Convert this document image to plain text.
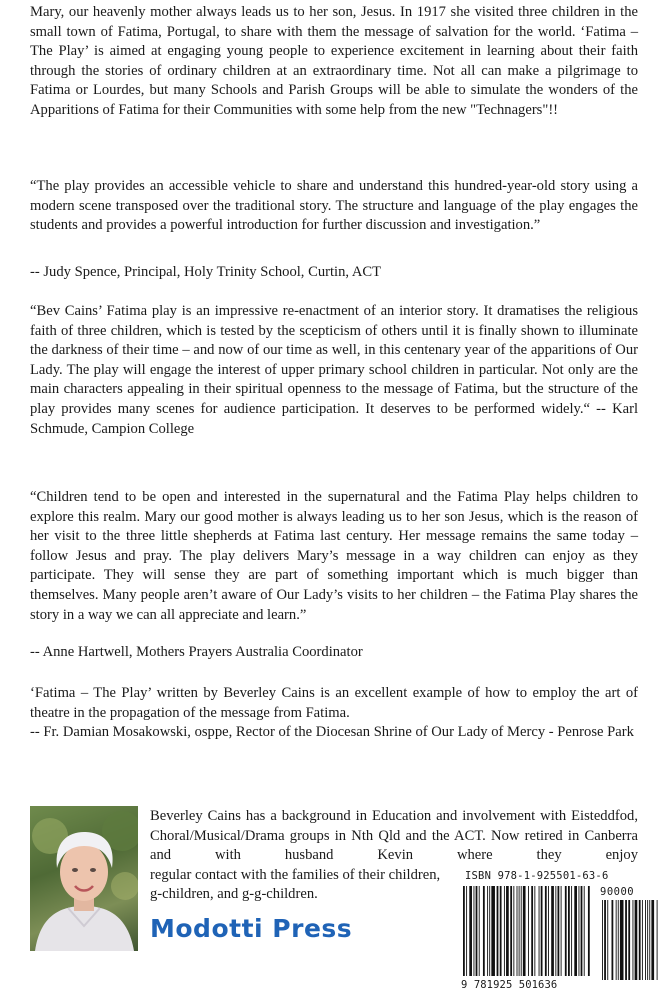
Mary, our heavenly mother always leads us to her son, Jesus. In 1917 she visited three children in the small town of Fatima, Portugal, to share with them the message of salvation for the world. ‘Fatima – The Play’ is aimed at engaging young people to experience excitement in learning about their faith through the stories of ordinary children at an extraordinary time. Not all can make a pilgrimage to Fatima or Lourdes, but many Schools and Parish Groups will be able to simulate the wonders of the Apparitions of Fatima for their Communities with some help from the new "Technagers"!!

“The play provides an accessible vehicle to share and understand this hundred-year-old story using a modern scene transposed over the traditional story. The structure and language of the play engages the students and provides a powerful introduction for further discussion and investigation.”

-- Judy Spence, Principal, Holy Trinity School, Curtin, ACT

“Bev Cains’ Fatima play is an impressive re-enactment of an interior story. It dramatises the religious faith of three children, which is tested by the scepticism of others until it is finally shown to illuminate the darkness of their time – and now of our time as well, in this centenary year of the apparitions of Our Lady. The play will engage the interest of upper primary school children in particular. Not only are the main characters appealing in their spiritual openness to the message of Fatima, but the structure of the play provides many scenes for audience participation. It deserves to be performed widely.“ -- Karl Schmude, Campion College

“Children tend to be open and interested in the supernatural and the Fatima Play helps children to explore this realm. Mary our good mother is always leading us to her son Jesus, which is the reason of her visit to the three little shepherds at Fatima last century. Her message remains the same today – follow Jesus and pray. The play delivers Mary’s message in a way children can enjoy as they participate. They will sense they are part of something important which is much bigger than themselves. Many people aren’t aware of Our Lady’s visits to her children – the Fatima Play shares the story in a way we can all appreciate and learn.”

-- Anne Hartwell, Mothers Prayers Australia Coordinator

‘Fatima – The Play’ written by Beverley Cains is an excellent example of how to employ the art of theatre in the propagation of the message from Fatima.

-- Fr. Damian Mosakowski, osppe, Rector of the Diocesan Shrine of Our Lady of Mercy - Penrose Park

Beverley Cains has a background in Education and involvement with Eisteddfod, Choral/Musical/Drama groups in Nth Qld and the ACT. Now retired in Canberra and with husband Kevin where they enjoy
regular contact with the families of their children, g-children, and g-g-children.

Modotti Press
ISBN 978-1-925501-63-6
90000
9 781925 501636
